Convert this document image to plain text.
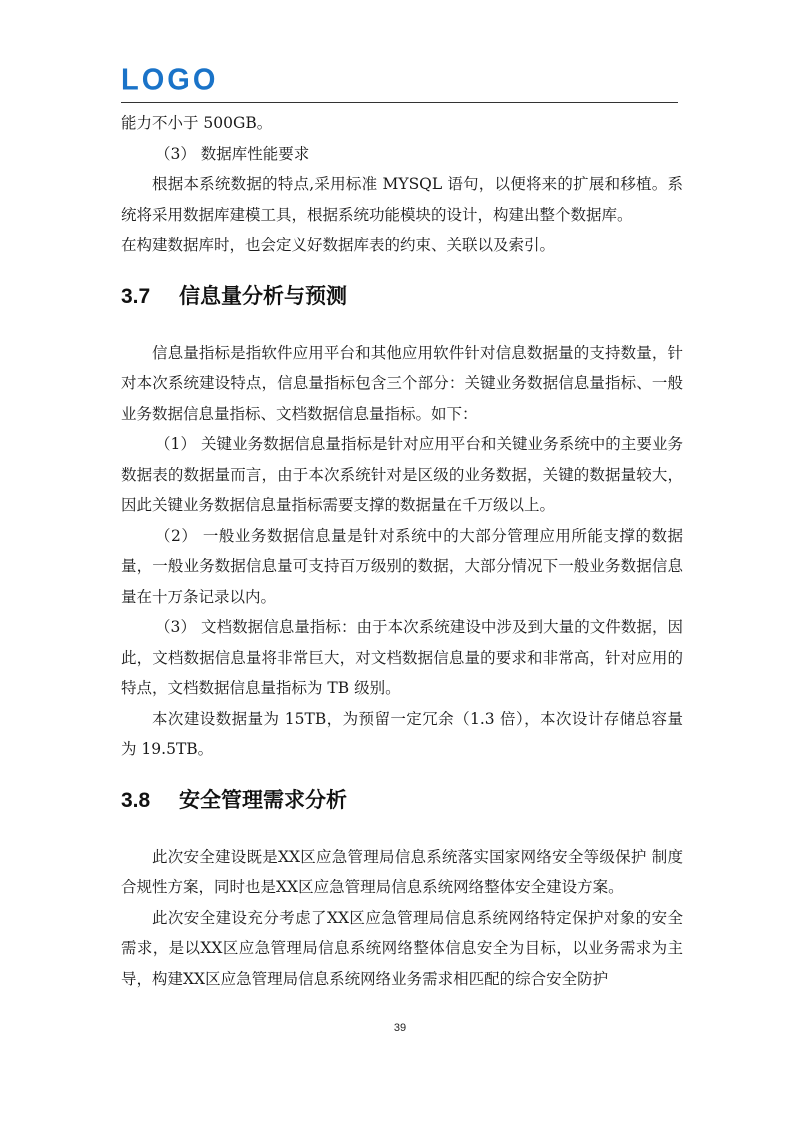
LOGO

能力不小于 500GB。

（3） 数据库性能要求

根据本系统数据的特点,采用标准 MYSQL 语句，以便将来的扩展和移植。系统将采用数据库建模工具，根据系统功能模块的设计，构建出整个数据库。

在构建数据库时，也会定义好数据库表的约束、关联以及索引。

3.7 信息量分析与预测

信息量指标是指软件应用平台和其他应用软件针对信息数据量的支持数量，针对本次系统建设特点，信息量指标包含三个部分：关键业务数据信息量指标、一般业务数据信息量指标、文档数据信息量指标。如下：

（1） 关键业务数据信息量指标是针对应用平台和关键业务系统中的主要业务数据表的数据量而言，由于本次系统针对是区级的业务数据，关键的数据量较大，因此关键业务数据信息量指标需要支撑的数据量在千万级以上。

（2） 一般业务数据信息量是针对系统中的大部分管理应用所能支撑的数据量，一般业务数据信息量可支持百万级别的数据，大部分情况下一般业务数据信息量在十万条记录以内。

（3） 文档数据信息量指标：由于本次系统建设中涉及到大量的文件数据，因此，文档数据信息量将非常巨大，对文档数据信息量的要求和非常高，针对应用的特点，文档数据信息量指标为 TB 级别。

本次建设数据量为 15TB，为预留一定冗余（1.3 倍），本次设计存储总容量为 19.5TB。

3.8 安全管理需求分析

此次安全建设既是XX区应急管理局信息系统落实国家网络安全等级保护 制度合规性方案，同时也是XX区应急管理局信息系统网络整体安全建设方案。

此次安全建设充分考虑了XX区应急管理局信息系统网络特定保护对象的安全需求，是以XX区应急管理局信息系统网络整体信息安全为目标，以业务需求为主导，构建XX区应急管理局信息系统网络业务需求相匹配的综合安全防护

39
